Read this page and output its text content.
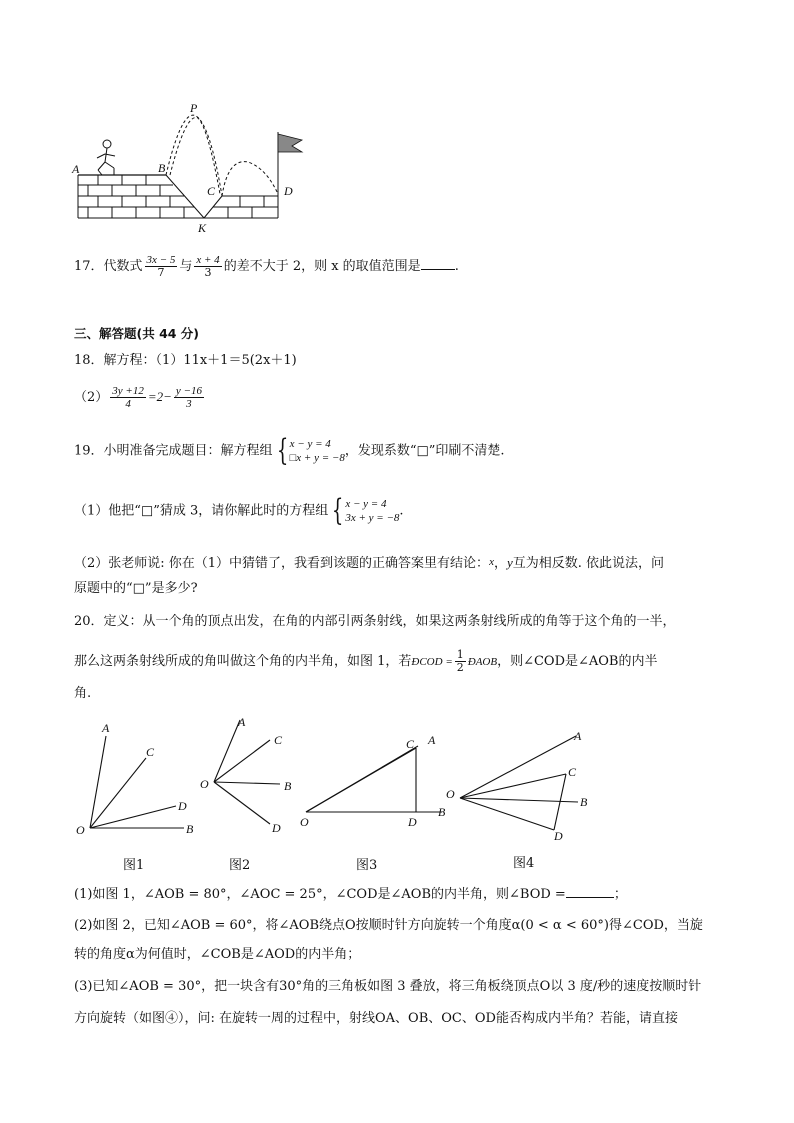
A	B
P
C	D
K
17．代数式 $\frac{3x - 5}{7}$ 与 $\frac{x + 4}{3}$ 的差不大于 2，则 x 的取值范围是	.
三、解答题(共 44 分)
18．解方程：（1）11x＋1＝5(2x＋1)
$(2) \frac{3y +12}{4} =2- \frac{y -16}{3}$
19．小明准备完成题目：解方程组 { x − y = 4
□x + y = −8，发现系数“□”印刷不清楚.
（1）他把“□”猜成 3，请你解此时的方程组 { x − y = 4
3x + y = −8.
（2）张老师说: 你在（1）中猜错了，我看到该题的正确答案里有结论：x，y互为相反数. 依此说法，问
原题中的“□”是多少?
20．定义：从一个角的顶点出发，在角的内部引两条射线，如果这两条射线所成的角等于这个角的一半，
那么这两条射线所成的角叫做这个角的内半角，如图 1，若ÐCOD = $\frac{1}{2}$ ÐAOB，则∠COD是∠AOB的内半
角.
A
C
D
B
O
图1
A
C
B
D
O
图2
C A
O	D
B
图3
A
C
B
D
O
图4
(1)如图 1，∠AOB = 80°，∠AOC = 25°，∠COD是∠AOB的内半角，则∠BOD =	；
(2)如图 2，已知∠AOB = 60°，将∠AOB绕点O按顺时针方向旋转一个角度α(0 < α < 60°)得∠COD，当旋
转的角度α为何值时，∠COB是∠AOD的内半角；
(3)已知∠AOB = 30°，把一块含有30°角的三角板如图 3 叠放，将三角板绕顶点O以 3 度/秒的速度按顺时针
方向旋转（如图④），问: 在旋转一周的过程中，射线OA、OB、OC、OD能否构成内半角？若能，请直接
